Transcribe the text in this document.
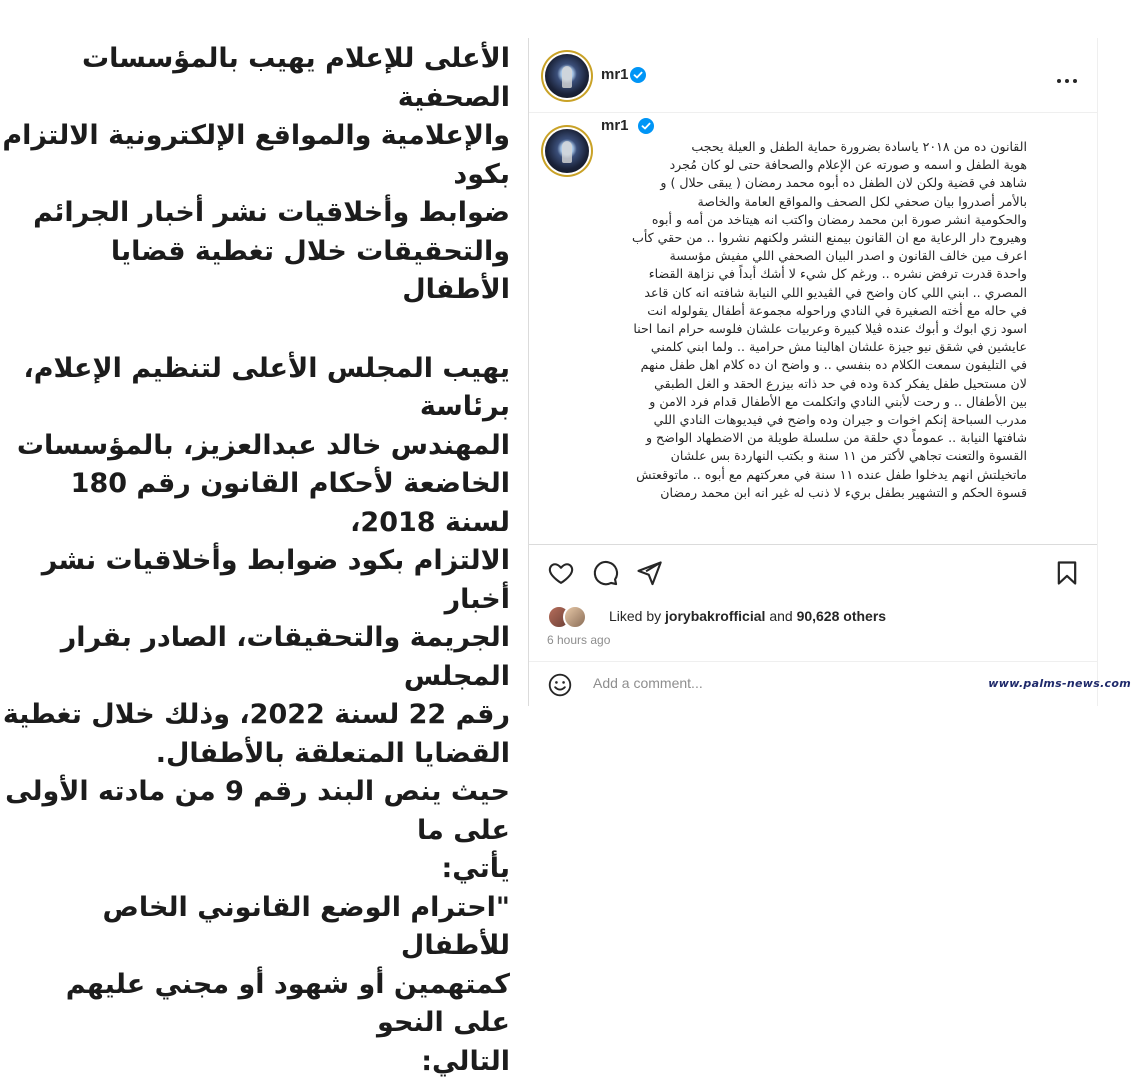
الأعلى للإعلام يهيب بالمؤسسات الصحفية
والإعلامية والمواقع الإلكترونية الالتزام بكود
ضوابط وأخلاقيات نشر أخبار الجرائم
والتحقيقات خلال تغطية قضايا الأطفال

يهيب المجلس الأعلى لتنظيم الإعلام، برئاسة
المهندس خالد عبدالعزيز، بالمؤسسات
الخاضعة لأحكام القانون رقم 180 لسنة 2018،
الالتزام بكود ضوابط وأخلاقيات نشر أخبار
الجريمة والتحقيقات، الصادر بقرار المجلس
رقم 22 لسنة 2022، وذلك خلال تغطية
القضايا المتعلقة بالأطفال.

حيث ينص البند رقم 9 من مادته الأولى على ما
يأتي:
"احترام الوضع القانوني الخاص للأطفال
كمتهمين أو شهود أو مجني عليهم على النحو
التالي:

mr1
mr1
القانون ده من ٢٠١٨ ياسادة بضرورة حماية الطفل و العيلة يحجب
هوية الطفل و اسمه و صورته عن الإعلام والصحافة حتى لو كان مُجرد
شاهد في قضية ولكن لان الطفل ده أبوه محمد رمضان ( يبقى حلال ) و
بالأمر أصدروا بيان صحفي لكل الصحف والمواقع العامة والخاصة
والحكومية انشر صورة ابن محمد رمضان واكتب انه هيتاخد من أمه و أبوه
وهيروح دار الرعاية مع ان القانون بيمنع النشر ولكنهم نشروا .. من حقي كأب
اعرف مين خالف القانون و اصدر البيان الصحفي اللي مفيش مؤسسة
واحدة قدرت ترفض نشره .. ورغم كل شيء لا أشك أبداً في نزاهة القضاء
المصري .. ابني اللي كان واضح في الڤيديو اللي النيابة شافته انه كان قاعد
في حاله مع أخته الصغيرة في النادي وراحوله مجموعة أطفال يقولوله انت
اسود زي ابوك و أبوك عنده ڤيلا كبيرة وعربيات علشان فلوسه حرام انما احنا
عايشين في شقق نيو جيزة علشان اهالينا مش حرامية .. ولما ابني كلمني
في التليفون سمعت الكلام ده بنفسي .. و واضح ان ده كلام اهل طفل منهم
لان مستحيل طفل يفكر كدة وده في حد ذاته بيزرع الحقد و الغل الطبقي
بين الأطفال .. و رحت لأبني النادي واتكلمت مع الأطفال قدام فرد الامن و
مدرب السباحة إنكم اخوات و جيران وده واضح في فيديوهات النادي اللي
شافتها النيابة .. عموماً دي حلقة من سلسلة طويلة من الاضطهاد الواضح و
القسوة والتعنت تجاهي لأكتر من ١١ سنة و بكتب النهاردة بس علشان
ماتخيلتش انهم يدخلوا طفل عنده ١١ سنة في معركتهم مع أبوه .. ماتوقعتش
قسوة الحكم و التشهير بطفل بريء لا ذنب له غير انه ابن محمد رمضان
Liked by jorybakrofficial and 90,628 others
6 hours ago
Add a comment...
www.palms-news.com
